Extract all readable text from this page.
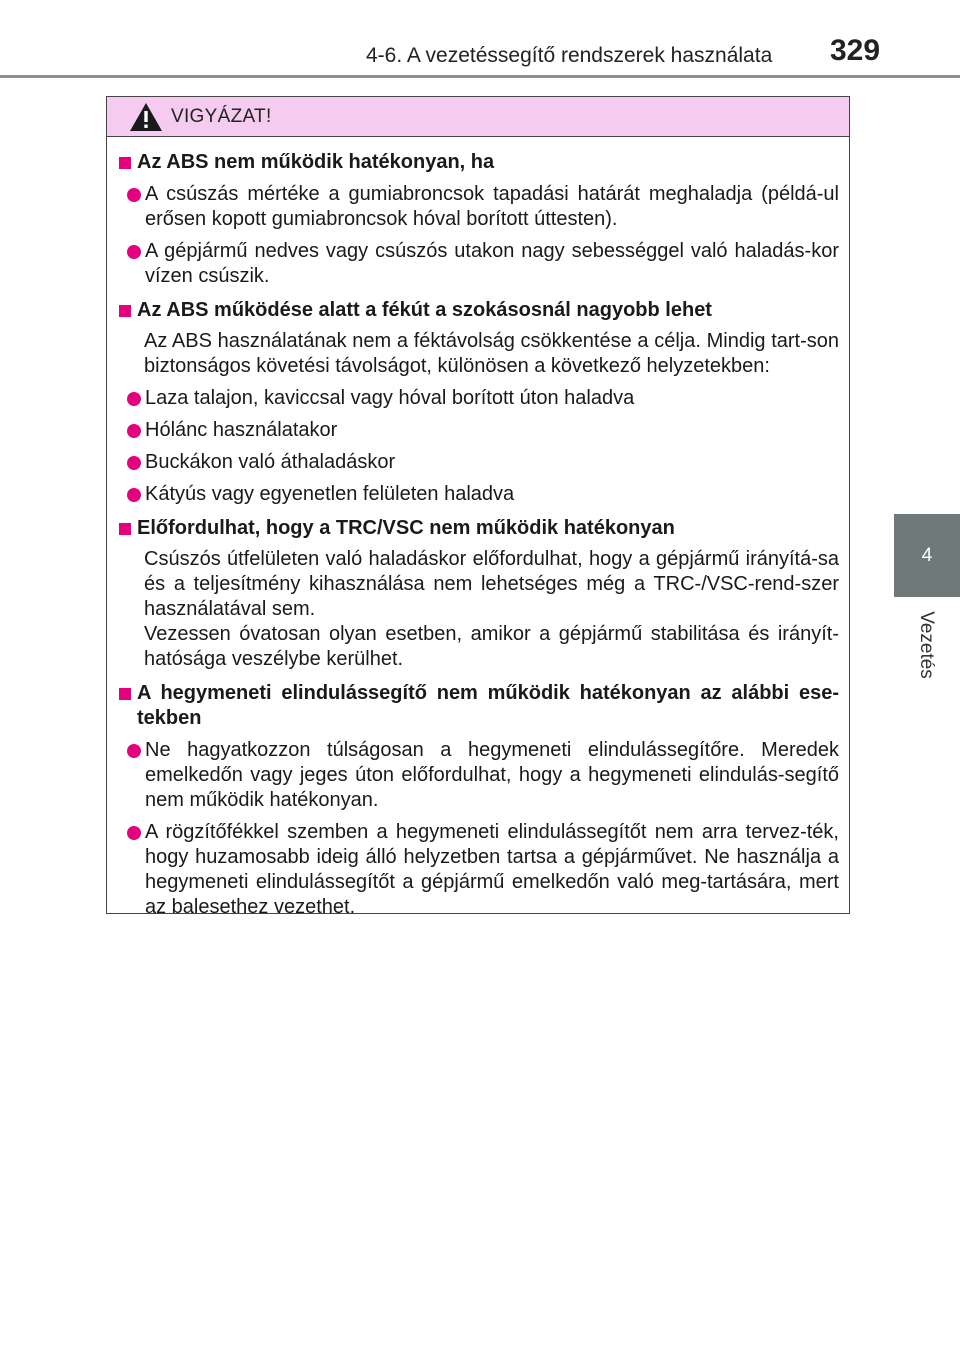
4-6. A vezetéssegítő rendszerek használata 329
4
Vezetés
VIGYÁZAT!
Az ABS nem működik hatékonyan, ha
A csúszás mértéke a gumiabroncsok tapadási határát meghaladja (példá-ul erősen kopott gumiabroncsok hóval borított úttesten).
A gépjármű nedves vagy csúszós utakon nagy sebességgel való haladás-kor vízen csúszik.
Az ABS működése alatt a fékút a szokásosnál nagyobb lehet
Az ABS használatának nem a féktávolság csökkentése a célja. Mindig tart-son biztonságos követési távolságot, különösen a következő helyzetekben:
Laza talajon, kaviccsal vagy hóval borított úton haladva
Hólánc használatakor
Buckákon való áthaladáskor
Kátyús vagy egyenetlen felületen haladva
Előfordulhat, hogy a TRC/VSC nem működik hatékonyan
Csúszós útfelületen való haladáskor előfordulhat, hogy a gépjármű irányítá-sa és a teljesítmény kihasználása nem lehetséges még a TRC-/VSC-rend-szer használatával sem.
Vezessen óvatosan olyan esetben, amikor a gépjármű stabilitása és irányít-hatósága veszélybe kerülhet.
A hegymeneti elindulássegítő nem működik hatékonyan az alábbi ese-tekben
Ne hagyatkozzon túlságosan a hegymeneti elindulássegítőre. Meredek emelkedőn vagy jeges úton előfordulhat, hogy a hegymeneti elindulás-segítő nem működik hatékonyan.
A rögzítőfékkel szemben a hegymeneti elindulássegítőt nem arra tervez-ték, hogy huzamosabb ideig álló helyzetben tartsa a gépjárművet. Ne használja a hegymeneti elindulássegítőt a gépjármű emelkedőn való meg-tartására, mert az balesethez vezethet.
